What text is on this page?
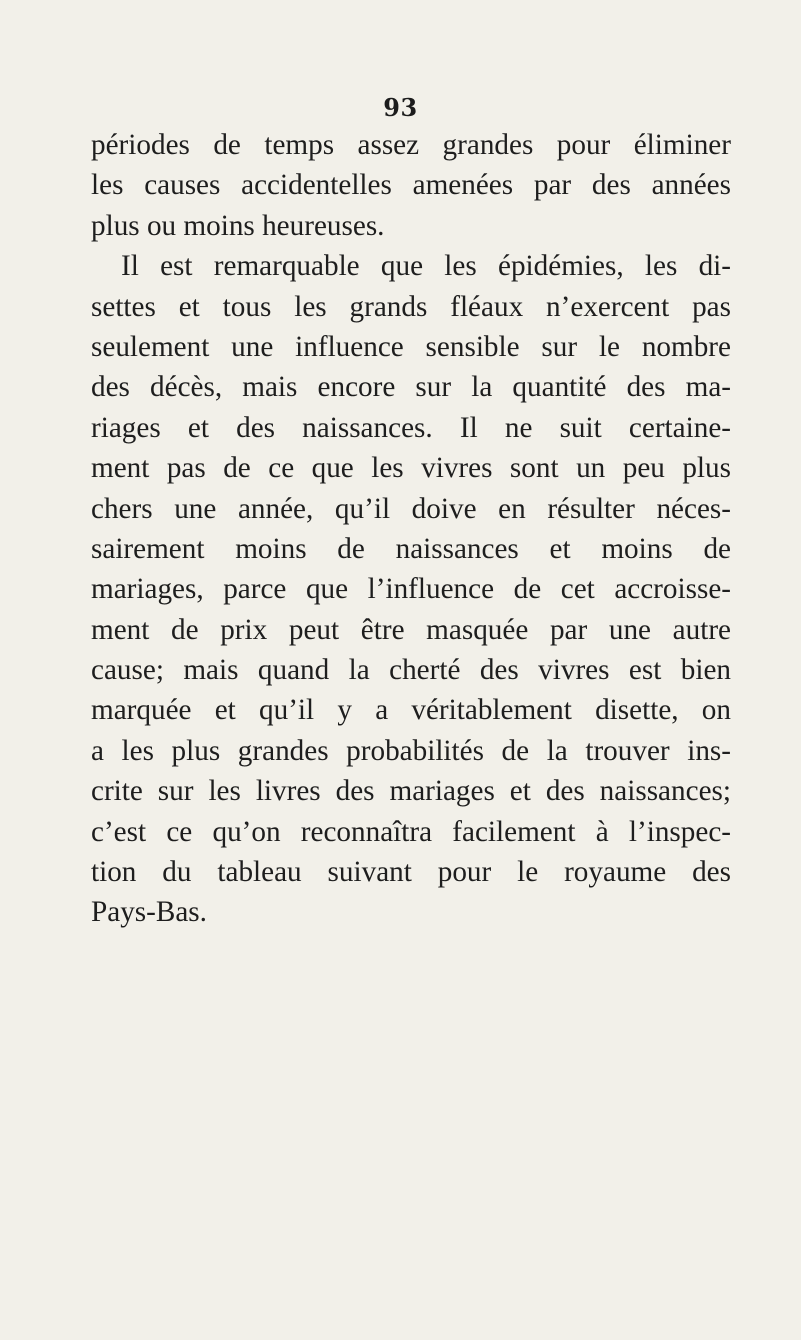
93
périodes de temps assez grandes pour éliminer
les causes accidentelles amenées par des années
plus ou moins heureuses.
Il est remarquable que les épidémies, les di-
settes et tous les grands fléaux n’exercent pas
seulement une influence sensible sur le nombre
des décès, mais encore sur la quantité des ma-
riages et des naissances. Il ne suit certaine-
ment pas de ce que les vivres sont un peu plus
chers une année, qu’il doive en résulter néces-
sairement moins de naissances et moins de
mariages, parce que l’influence de cet accroisse-
ment de prix peut être masquée par une autre
cause; mais quand la cherté des vivres est bien
marquée et qu’il y a véritablement disette, on
a les plus grandes probabilités de la trouver ins-
crite sur les livres des mariages et des naissances;
c’est ce qu’on reconnaîtra facilement à l’inspec-
tion du tableau suivant pour le royaume des
Pays-Bas.
